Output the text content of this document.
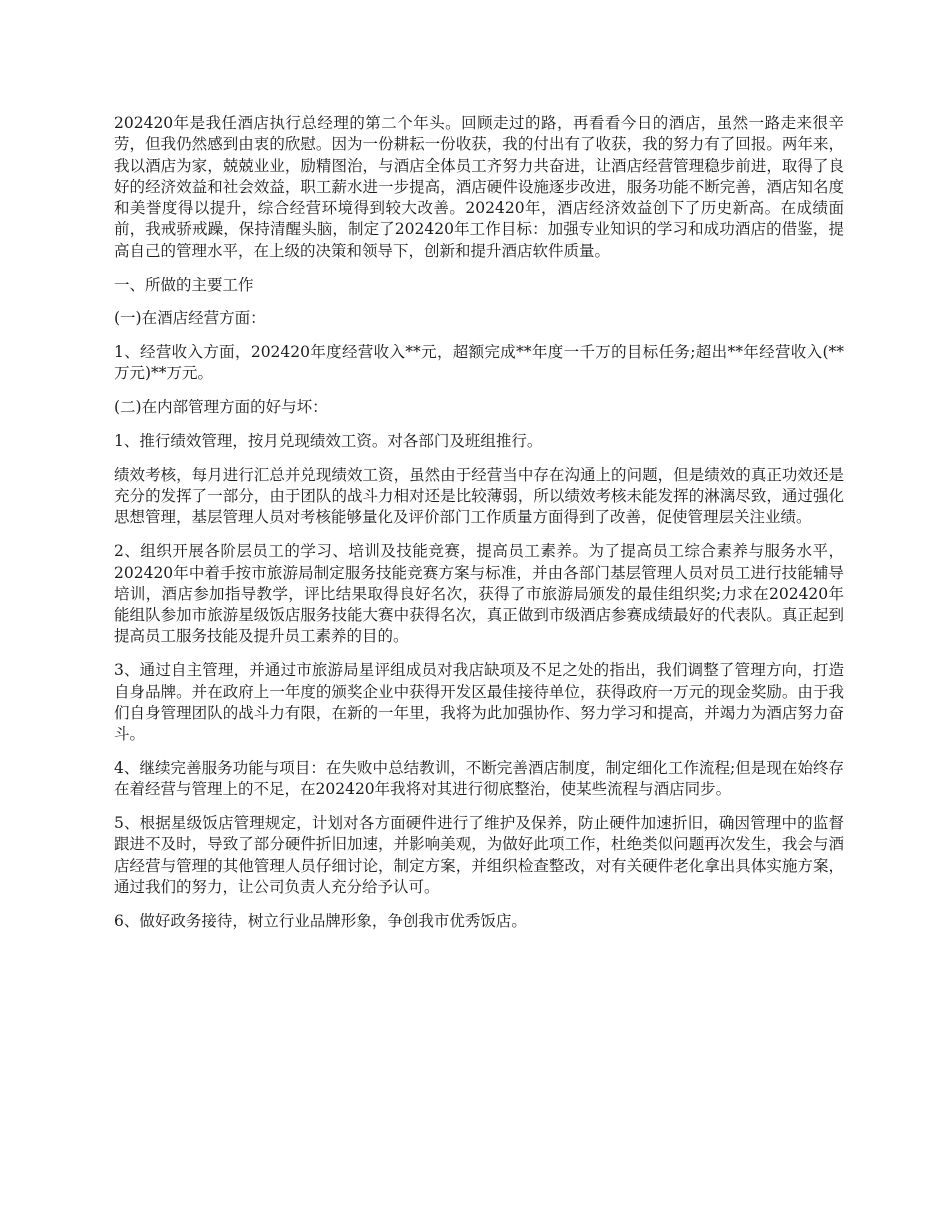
202420年是我任酒店执行总经理的第二个年头。回顾走过的路，再看看今日的酒店，虽然一路走来很辛劳，但我仍然感到由衷的欣慰。因为一份耕耘一份收获，我的付出有了收获，我的努力有了回报。两年来，我以酒店为家，兢兢业业，励精图治，与酒店全体员工齐努力共奋进，让酒店经营管理稳步前进，取得了良好的经济效益和社会效益，职工薪水进一步提高，酒店硬件设施逐步改进，服务功能不断完善，酒店知名度和美誉度得以提升，综合经营环境得到较大改善。202420年，酒店经济效益创下了历史新高。在成绩面前，我戒骄戒躁，保持清醒头脑，制定了202420年工作目标：加强专业知识的学习和成功酒店的借鉴，提高自己的管理水平，在上级的决策和领导下，创新和提升酒店软件质量。

一、所做的主要工作

(一)在酒店经营方面：

1、经营收入方面，202420年度经营收入**元，超额完成**年度一千万的目标任务;超出**年经营收入(**万元)**万元。

(二)在内部管理方面的好与坏：

1、推行绩效管理，按月兑现绩效工资。对各部门及班组推行。

绩效考核，每月进行汇总并兑现绩效工资，虽然由于经营当中存在沟通上的问题，但是绩效的真正功效还是充分的发挥了一部分，由于团队的战斗力相对还是比较薄弱，所以绩效考核未能发挥的淋漓尽致，通过强化思想管理，基层管理人员对考核能够量化及评价部门工作质量方面得到了改善，促使管理层关注业绩。

2、组织开展各阶层员工的学习、培训及技能竞赛，提高员工素养。为了提高员工综合素养与服务水平，202420年中着手按市旅游局制定服务技能竞赛方案与标准，并由各部门基层管理人员对员工进行技能辅导培训，酒店参加指导教学，评比结果取得良好名次，获得了市旅游局颁发的最佳组织奖;力求在202420年能组队参加市旅游星级饭店服务技能大赛中获得名次，真正做到市级酒店参赛成绩最好的代表队。真正起到提高员工服务技能及提升员工素养的目的。

3、通过自主管理，并通过市旅游局星评组成员对我店缺项及不足之处的指出，我们调整了管理方向，打造自身品牌。并在政府上一年度的颁奖企业中获得开发区最佳接待单位，获得政府一万元的现金奖励。由于我们自身管理团队的战斗力有限，在新的一年里，我将为此加强协作、努力学习和提高，并竭力为酒店努力奋斗。

4、继续完善服务功能与项目：在失败中总结教训，不断完善酒店制度，制定细化工作流程;但是现在始终存在着经营与管理上的不足，在202420年我将对其进行彻底整治，使某些流程与酒店同步。

5、根据星级饭店管理规定，计划对各方面硬件进行了维护及保养，防止硬件加速折旧，确因管理中的监督跟进不及时，导致了部分硬件折旧加速，并影响美观，为做好此项工作，杜绝类似问题再次发生，我会与酒店经营与管理的其他管理人员仔细讨论，制定方案，并组织检查整改，对有关硬件老化拿出具体实施方案，通过我们的努力，让公司负责人充分给予认可。

6、做好政务接待，树立行业品牌形象，争创我市优秀饭店。
